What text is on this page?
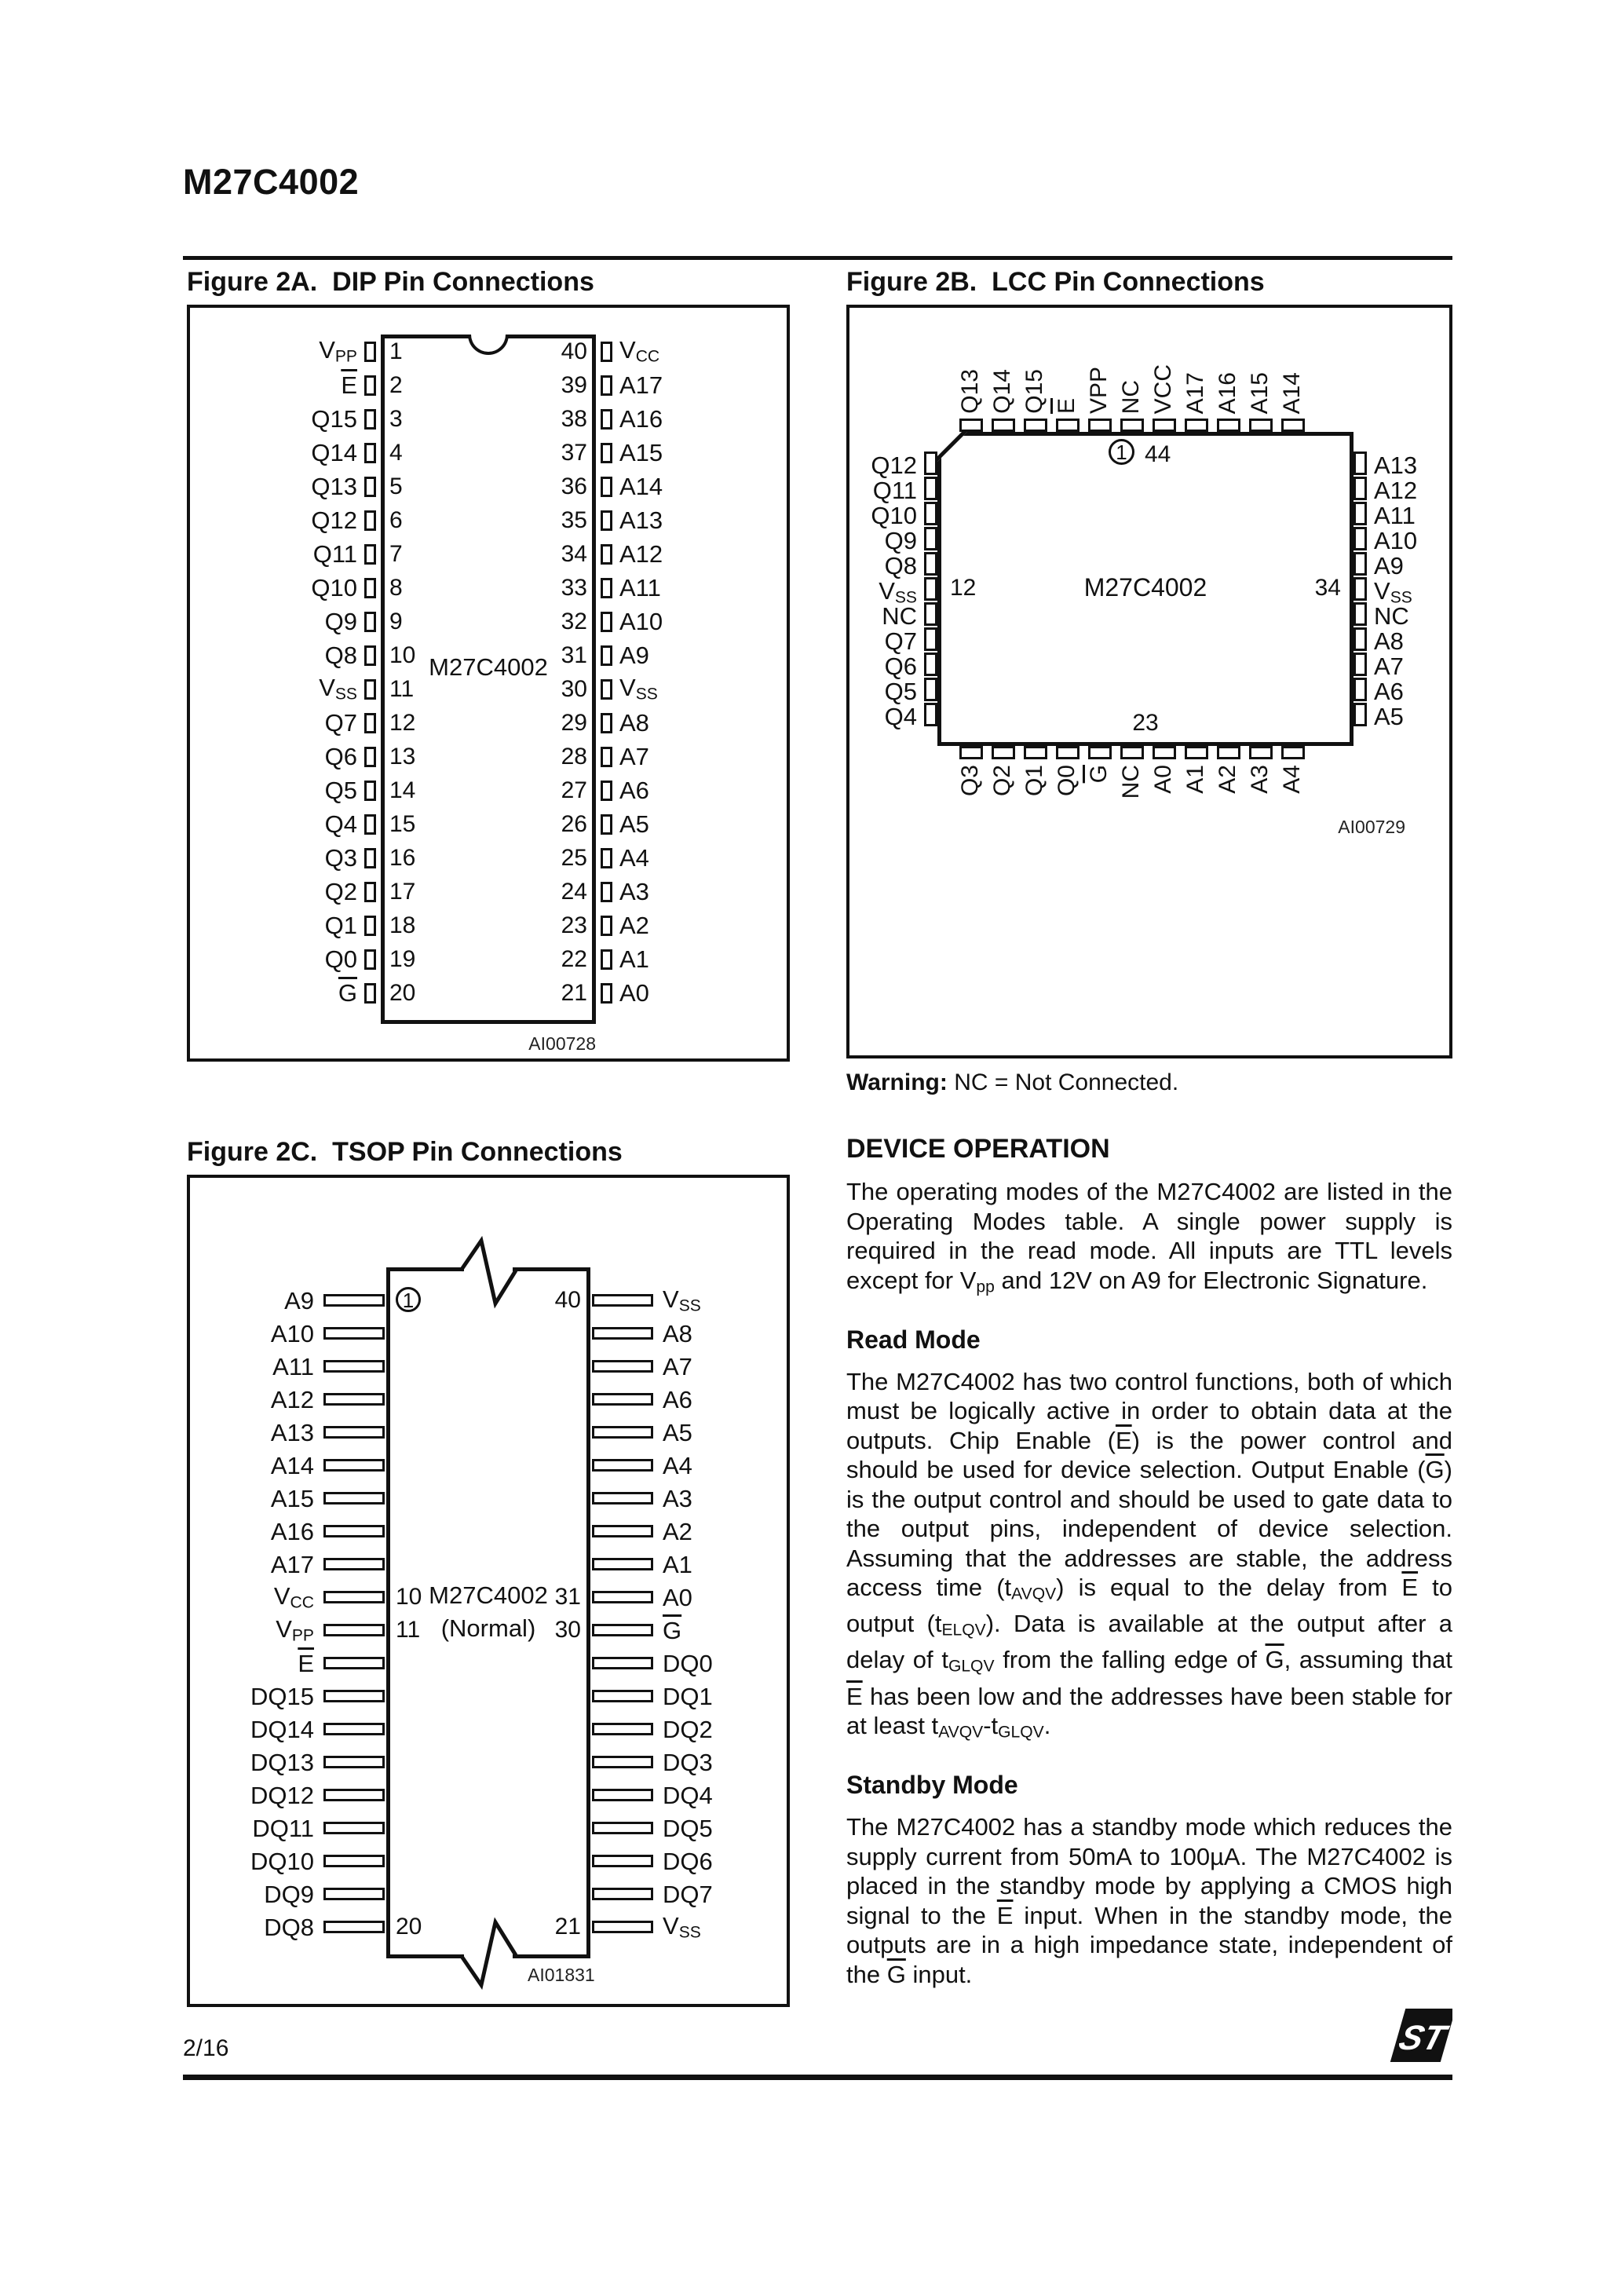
M27C4002
Figure 2A.  DIP Pin Connections
M27C4002
$V_{PP}$	1	40	$V_{CC}$
$\overline{E}$	2	39	A17
Q15	3	38	A16
Q14	4	37	A15
Q13	5	36	A14
Q12	6	35	A13
Q11	7	34	A12
Q10	8	33	A11
Q9	9	32	A10
Q8	10	31	A9
$V_{SS}$	11	30	$V_{SS}$
Q7	12	29	A8
Q6	13	28	A7
Q5	14	27	A6
Q4	15	26	A5
Q3	16	25	A4
Q2	17	24	A3
Q1	18	23	A2
Q0	19	22	A1
$\overline{G}$	20	21	A0
AI00728
Figure 2B.  LCC Pin Connections
1 44
12	34
23
M27C4002
AI00729
Q13 Q14 Q15 E VPP NC VCC A17 A16 A15 A14
Q3 Q2 Q1 Q0 G NC A0 A1 A2 A3 A4
Q12
Q11
Q10
Q9
Q8
$V_{SS}$
NC
Q7
Q6
Q5
Q4
A13
A12
A11
A10
A9
$V_{SS}$
NC
A8
A7
A6
A5
Warning: NC = Not Connected.
Figure 2C.  TSOP Pin Connections
M27C4002
(Normal)
A9	1	40	$V_{SS}$
A10	A8
A11	A7
A12	A6
A13	A5
A14	A4
A15	A3
A16	A2
A17	A1
$V_{CC}$	10	31	A0
$V_{PP}$	11	30	$\overline{G}$
$\overline{E}$	DQ0
DQ15	DQ1
DQ14	DQ2
DQ13	DQ3
DQ12	DQ4
DQ11	DQ5
DQ10	DQ6
DQ9	DQ7
DQ8	20	21	$V_{SS}$
AI01831
DEVICE OPERATION

The operating modes of the M27C4002 are listed in the Operating Modes table. A single power supply is required in the read mode. All inputs are TTL levels except for $V_{pp}$ and 12V on A9 for Electronic Signature.

Read Mode

The M27C4002 has two control functions, both of which must be logically active in order to obtain data at the outputs. Chip Enable $(\overline{E})$ is the power control and should be used for device selection. Output Enable $(\overline{G})$ is the output control and should be used to gate data to the output pins, independent of device selection. Assuming that the addresses are stable, the address access time $(t_{AVQV})$ is equal to the delay from $\overline{E}$ to output $(t_{ELQV})$. Data is available at the output after a delay of $t_{GLQV}$ from the falling edge of $\overline{G}$, assuming that $\overline{E}$ has been low and the addresses have been stable for at least $t_{AVQV}-t_{GLQV}$.

Standby Mode

The M27C4002 has a standby mode which reduces the supply current from 50mA to 100µA. The M27C4002 is placed in the standby mode by applying a CMOS high signal to the $\overline{E}$ input. When in the standby mode, the outputs are in a high impedance state, independent of the $\overline{G}$ input.

2/16	ST
